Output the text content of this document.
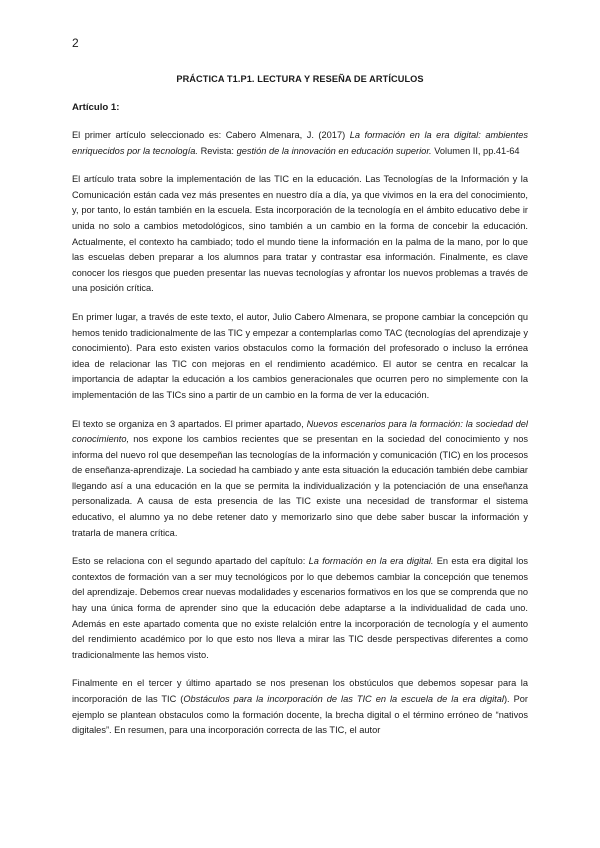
2
PRÁCTICA T1.P1. LECTURA Y RESEÑA DE ARTÍCULOS
Artículo 1:

El primer artículo seleccionado es: Cabero Almenara, J. (2017) La formación en la era digital: ambientes enriquecidos por la tecnología. Revista: gestión de la innovación en educación superior. Volumen II, pp.41-64

El artículo trata sobre la implementación de las TIC en la educación. Las Tecnologías de la Información y la Comunicación están cada vez más presentes en nuestro día a día, ya que vivimos en la era del conocimiento, y, por tanto, lo están también en la escuela. Esta incorporación de la tecnología en el ámbito educativo debe ir unida no solo a cambios metodológicos, sino también a un cambio en la forma de concebir la educación. Actualmente, el contexto ha cambiado; todo el mundo tiene la información en la palma de la mano, por lo que las escuelas deben preparar a los alumnos para tratar y contrastar esa información. Finalmente, es clave conocer los riesgos que pueden presentar las nuevas tecnologías y afrontar los nuevos problemas a través de una posición crítica.

En primer lugar, a través de este texto, el autor, Julio Cabero Almenara, se propone cambiar la concepción qu hemos tenido tradicionalmente de las TIC y empezar a contemplarlas como TAC (tecnologías del aprendizaje y conocimiento). Para esto existen varios obstaculos como la formación del profesorado o incluso la errónea idea de relacionar las TIC con mejoras en el rendimiento académico. El autor se centra en recalcar la importancia de adaptar la educación a los cambios generacionales que ocurren pero no simplemente con la implementación de las TICs sino a partir de un cambio en la forma de ver la educación.

El texto se organiza en 3 apartados. El primer apartado, Nuevos escenarios para la formación: la sociedad del conocimiento, nos expone los cambios recientes que se presentan en la sociedad del conocimiento y nos informa del nuevo rol que desempeñan las tecnologías de la información y comunicación (TIC) en los procesos de enseñanza-aprendizaje. La sociedad ha cambiado y ante esta situación la educación también debe cambiar llegando así a una educación en la que se permita la individualización y la potenciación de una enseñanza personalizada. A causa de esta presencia de las TIC existe una necesidad de transformar el sistema educativo, el alumno ya no debe retener dato y memorizarlo sino que debe saber buscar la información y tratarla de manera crítica.

Esto se relaciona con el segundo apartado del capítulo: La formación en la era digital. En esta era digital los contextos de formación van a ser muy tecnológicos por lo que debemos cambiar la concepción que tenemos del aprendizaje. Debemos crear nuevas modalidades y escenarios formativos en los que se comprenda que no hay una única forma de aprender sino que la educación debe adaptarse a la individualidad de cada uno. Además en este apartado comenta que no existe relalción entre la incorporación de tecnología y el aumento del rendimiento académico por lo que esto nos lleva a mirar las TIC desde perspectivas diferentes a como tradicionalmente las hemos visto.

Finalmente en el tercer y último apartado se nos presenan los obstúculos que debemos sopesar para la incorporación de las TIC (Obstáculos para la incorporación de las TIC en la escuela de la era digital). Por ejemplo se plantean obstaculos como la formación docente, la brecha digital o el término erróneo de “nativos digitales”. En resumen, para una incorporación correcta de las TIC, el autor
